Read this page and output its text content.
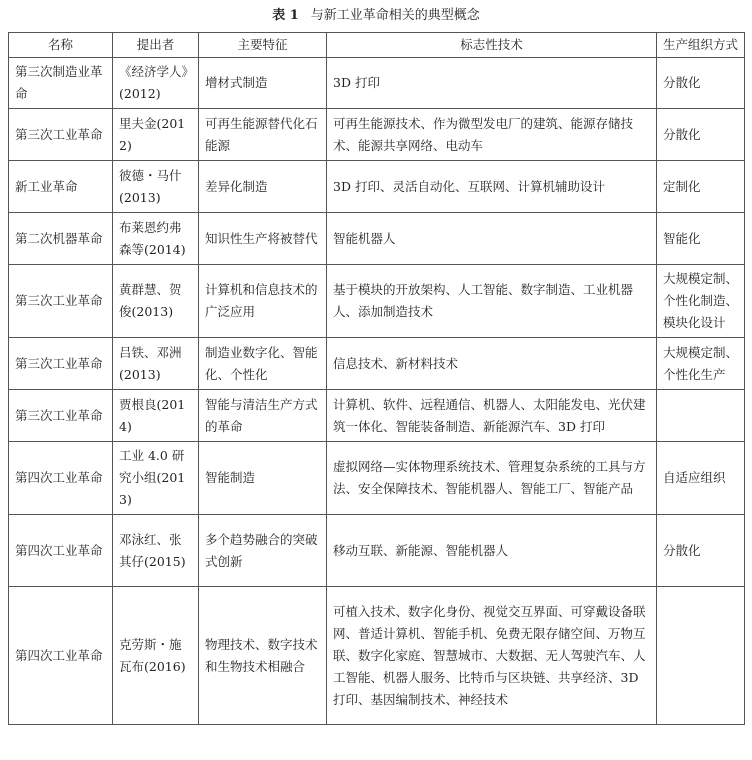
表 1 与新工业革命相关的典型概念
名称	提出者	主要特征	标志性技术	生产组织方式
第三次制造业革命	《经济学人》(2012)	增材式制造	3D 打印	分散化
第三次工业革命	里夫金(2012)	可再生能源替代化石能源	可再生能源技术、作为微型发电厂的建筑、能源存储技术、能源共享网络、电动车	分散化
新工业革命	彼德・马什(2013)	差异化制造	3D 打印、灵活自动化、互联网、计算机辅助设计	定制化
第二次机器革命	布莱恩约弗森等(2014)	知识性生产将被替代	智能机器人	智能化
第三次工业革命	黄群慧、贺俊(2013)	计算机和信息技术的广泛应用	基于模块的开放架构、人工智能、数字制造、工业机器人、添加制造技术	大规模定制、个性化制造、模块化设计
第三次工业革命	吕铁、邓洲(2013)	制造业数字化、智能化、个性化	信息技术、新材料技术	大规模定制、个性化生产
第三次工业革命	贾根良(2014)	智能与清洁生产方式的革命	计算机、软件、远程通信、机器人、太阳能发电、光伏建筑一体化、智能装备制造、新能源汽车、3D 打印	
第四次工业革命	工业 4.0 研究小组(2013)	智能制造	虚拟网络—实体物理系统技术、管理复杂系统的工具与方法、安全保障技术、智能机器人、智能工厂、智能产品	自适应组织
第四次工业革命	邓泳红、张其仔(2015)	多个趋势融合的突破式创新	移动互联、新能源、智能机器人	分散化
第四次工业革命	克劳斯・施瓦布(2016)	物理技术、数字技术和生物技术相融合	可植入技术、数字化身份、视觉交互界面、可穿戴设备联网、普适计算机、智能手机、免费无限存储空间、万物互联、数字化家庭、智慧城市、大数据、无人驾驶汽车、人工智能、机器人服务、比特币与区块链、共享经济、3D 打印、基因编制技术、神经技术	
